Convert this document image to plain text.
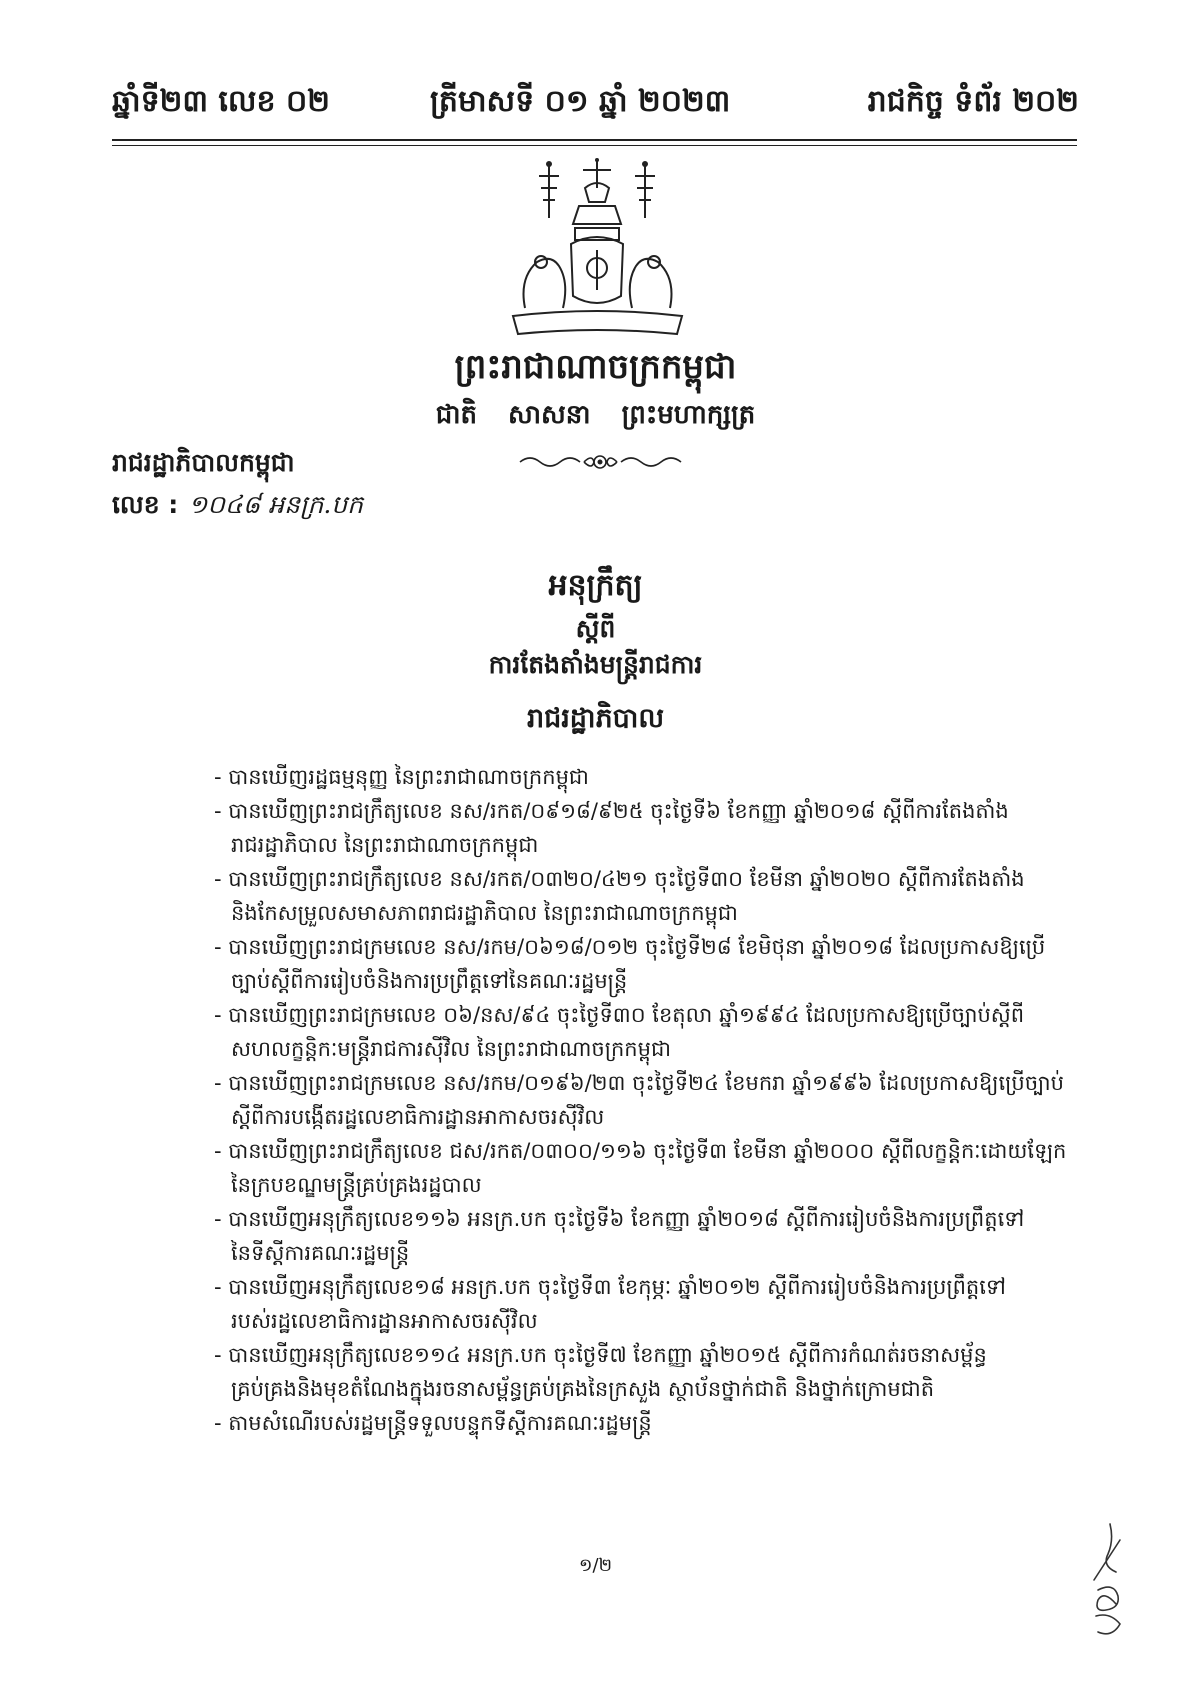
ឆ្នាំទី២៣ លេខ ០២	ត្រីមាសទី ០១ ឆ្នាំ ២០២៣	រាជកិច្ច ទំព័រ ២០២
ព្រះរាជាណាចក្រកម្ពុជា
ជាតិ សាសនា ព្រះមហាក្សត្រ
រាជរដ្ឋាភិបាលកម្ពុជា
លេខ : ១០៤៨ អនក្រ.បក
អនុក្រឹត្យ
ស្ដីពី
ការតែងតាំងមន្ត្រីរាជការ
រាជរដ្ឋាភិបាល
- បានឃើញរដ្ឋធម្មនុញ្ញ នៃព្រះរាជាណាចក្រកម្ពុជា
- បានឃើញព្រះរាជក្រឹត្យលេខ នស/រកត/០៩១៨/៩២៥ ចុះថ្ងៃទី៦ ខែកញ្ញា ឆ្នាំ២០១៨ ស្ដីពីការតែងតាំង
រាជរដ្ឋាភិបាល នៃព្រះរាជាណាចក្រកម្ពុជា
- បានឃើញព្រះរាជក្រឹត្យលេខ នស/រកត/០៣២០/៤២១ ចុះថ្ងៃទី៣០ ខែមីនា ឆ្នាំ២០២០ ស្ដីពីការតែងតាំង
និងកែសម្រួលសមាសភាពរាជរដ្ឋាភិបាល នៃព្រះរាជាណាចក្រកម្ពុជា
- បានឃើញព្រះរាជក្រមលេខ នស/រកម/០៦១៨/០១២ ចុះថ្ងៃទី២៨ ខែមិថុនា ឆ្នាំ២០១៨ ដែលប្រកាសឱ្យប្រើ
ច្បាប់ស្ដីពីការរៀបចំនិងការប្រព្រឹត្តទៅនៃគណៈរដ្ឋមន្ត្រី
- បានឃើញព្រះរាជក្រមលេខ ០៦/នស/៩៤ ចុះថ្ងៃទី៣០ ខែតុលា ឆ្នាំ១៩៩៤ ដែលប្រកាសឱ្យប្រើច្បាប់ស្ដីពី
សហលក្ខន្តិកៈមន្ត្រីរាជការស៊ីវិល នៃព្រះរាជាណាចក្រកម្ពុជា
- បានឃើញព្រះរាជក្រមលេខ នស/រកម/០១៩៦/២៣ ចុះថ្ងៃទី២៤ ខែមករា ឆ្នាំ១៩៩៦ ដែលប្រកាសឱ្យប្រើច្បាប់
ស្ដីពីការបង្កើតរដ្ឋលេខាធិការដ្ឋានអាកាសចរស៊ីវិល
- បានឃើញព្រះរាជក្រឹត្យលេខ ជស/រកត/០៣០០/១១៦ ចុះថ្ងៃទី៣ ខែមីនា ឆ្នាំ២០០០ ស្ដីពីលក្ខន្តិកៈដោយឡែក
នៃក្របខណ្ឌមន្ត្រីគ្រប់គ្រងរដ្ឋបាល
- បានឃើញអនុក្រឹត្យលេខ១១៦ អនក្រ.បក ចុះថ្ងៃទី៦ ខែកញ្ញា ឆ្នាំ២០១៨ ស្ដីពីការរៀបចំនិងការប្រព្រឹត្តទៅ
នៃទីស្ដីការគណៈរដ្ឋមន្ត្រី
- បានឃើញអនុក្រឹត្យលេខ១៨ អនក្រ.បក ចុះថ្ងៃទី៣ ខែកុម្ភៈ ឆ្នាំ២០១២ ស្ដីពីការរៀបចំនិងការប្រព្រឹត្តទៅ
របស់រដ្ឋលេខាធិការដ្ឋានអាកាសចរស៊ីវិល
- បានឃើញអនុក្រឹត្យលេខ១១៤ អនក្រ.បក ចុះថ្ងៃទី៧ ខែកញ្ញា ឆ្នាំ២០១៥ ស្ដីពីការកំណត់រចនាសម្ព័ន្ធ
គ្រប់គ្រងនិងមុខតំណែងក្នុងរចនាសម្ព័ន្ធគ្រប់គ្រងនៃក្រសួង ស្ថាប័នថ្នាក់ជាតិ និងថ្នាក់ក្រោមជាតិ
- តាមសំណើរបស់រដ្ឋមន្ត្រីទទួលបន្ទុកទីស្ដីការគណៈរដ្ឋមន្ត្រី
១/២
